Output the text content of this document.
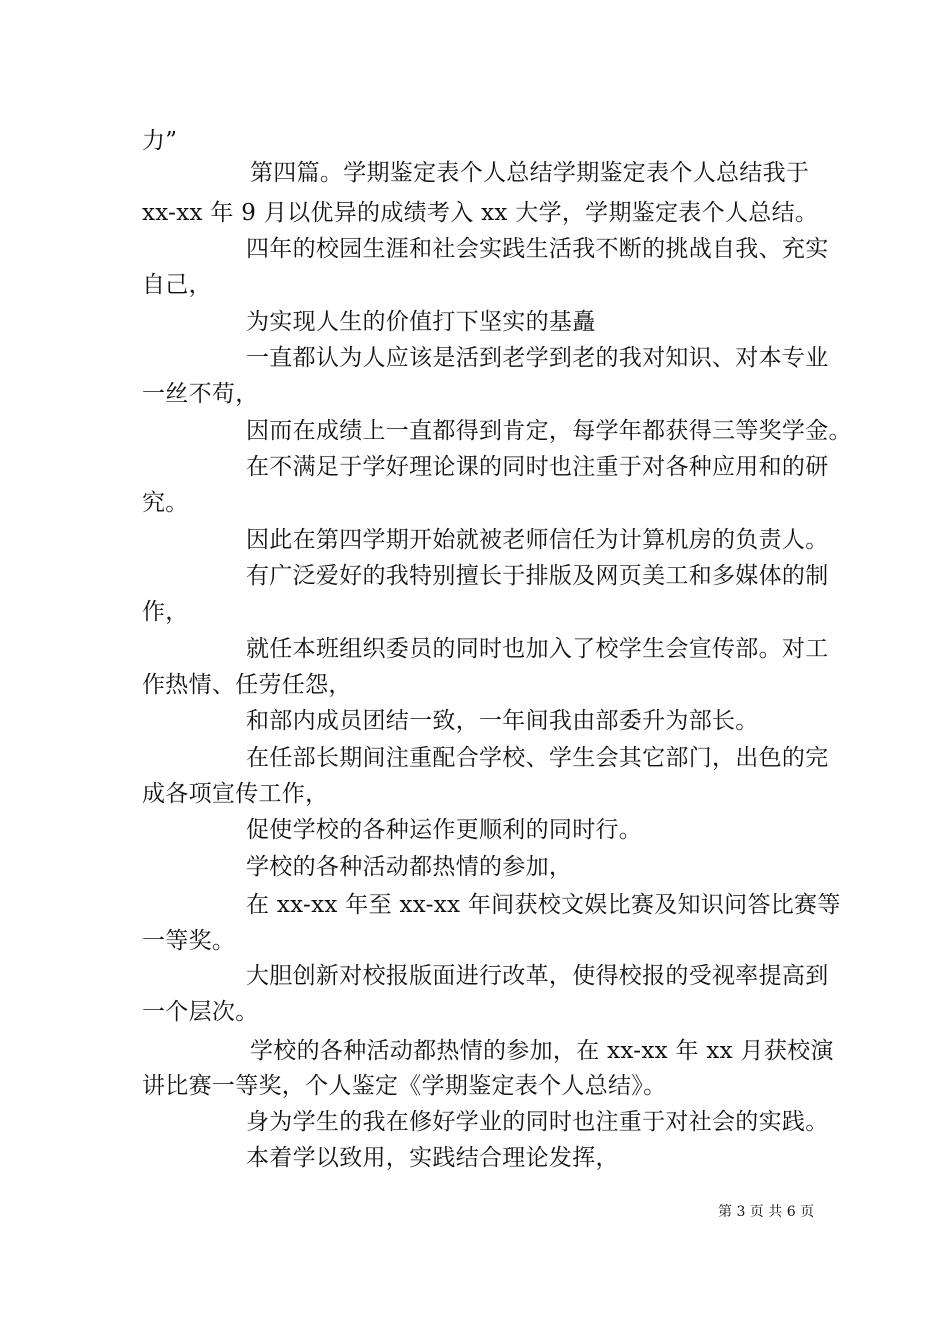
力”
第四篇。学期鉴定表个人总结学期鉴定表个人总结我于
xx-xx 年 9 月以优异的成绩考入 xx 大学，学期鉴定表个人总结。
四年的校园生涯和社会实践生活我不断的挑战自我、充实
自己，
为实现人生的价值打下坚实的基矗
一直都认为人应该是活到老学到老的我对知识、对本专业
一丝不苟，
因而在成绩上一直都得到肯定，每学年都获得三等奖学金。
在不满足于学好理论课的同时也注重于对各种应用和的研
究。
因此在第四学期开始就被老师信任为计算机房的负责人。
有广泛爱好的我特别擅长于排版及网页美工和多媒体的制
作，
就任本班组织委员的同时也加入了校学生会宣传部。对工
作热情、任劳任怨，
和部内成员团结一致，一年间我由部委升为部长。
在任部长期间注重配合学校、学生会其它部门，出色的完
成各项宣传工作，
促使学校的各种运作更顺利的同时行。
学校的各种活动都热情的参加，
在 xx-xx 年至 xx-xx 年间获校文娱比赛及知识问答比赛等
一等奖。
大胆创新对校报版面进行改革，使得校报的受视率提高到
一个层次。
学校的各种活动都热情的参加，在 xx-xx 年 xx 月获校演
讲比赛一等奖，个人鉴定《学期鉴定表个人总结》。
身为学生的我在修好学业的同时也注重于对社会的实践。
本着学以致用，实践结合理论发挥，
第 3 页 共 6 页
